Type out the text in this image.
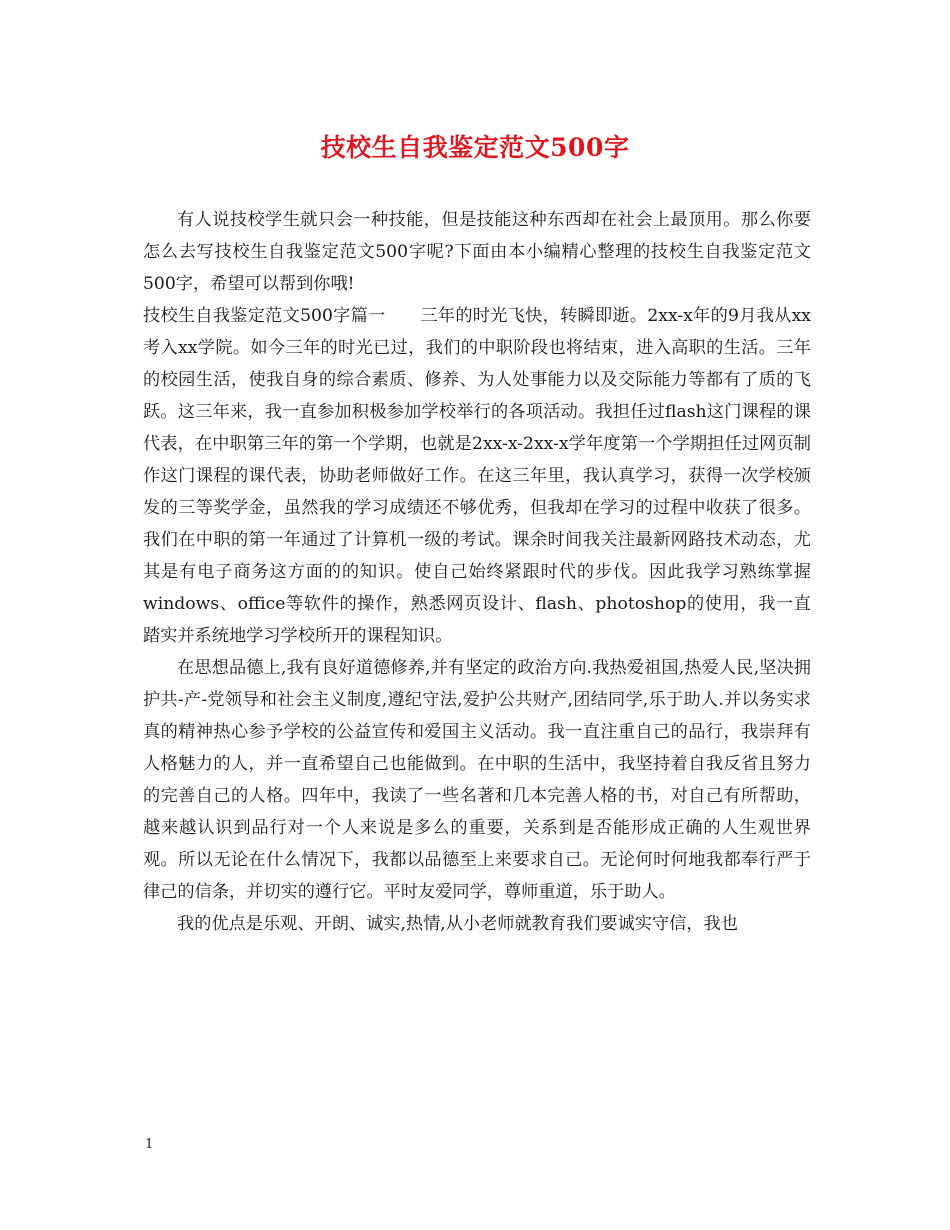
技校生自我鉴定范文500字

有人说技校学生就只会一种技能，但是技能这种东西却在社会上最顶用。那么你要怎么去写技校生自我鉴定范文500字呢?下面由本小编精心整理的技校生自我鉴定范文500字，希望可以帮到你哦!

技校生自我鉴定范文500字篇一　　三年的时光飞快，转瞬即逝。2xx-x年的9月我从xx考入xx学院。如今三年的时光已过，我们的中职阶段也将结束，进入高职的生活。三年的校园生活，使我自身的综合素质、修养、为人处事能力以及交际能力等都有了质的飞跃。这三年来，我一直参加积极参加学校举行的各项活动。我担任过flash这门课程的课代表，在中职第三年的第一个学期，也就是2xx-x-2xx-x学年度第一个学期担任过网页制作这门课程的课代表，协助老师做好工作。在这三年里，我认真学习，获得一次学校颁发的三等奖学金，虽然我的学习成绩还不够优秀，但我却在学习的过程中收获了很多。我们在中职的第一年通过了计算机一级的考试。课余时间我关注最新网路技术动态，尤其是有电子商务这方面的的知识。使自己始终紧跟时代的步伐。因此我学习熟练掌握windows、office等软件的操作，熟悉网页设计、flash、photoshop的使用，我一直踏实并系统地学习学校所开的课程知识。

在思想品德上,我有良好道德修养,并有坚定的政治方向.我热爱祖国,热爱人民,坚决拥护共-产-党领导和社会主义制度,遵纪守法,爱护公共财产,团结同学,乐于助人.并以务实求真的精神热心参予学校的公益宣传和爱国主义活动。我一直注重自己的品行，我崇拜有人格魅力的人，并一直希望自己也能做到。在中职的生活中，我坚持着自我反省且努力的完善自己的人格。四年中，我读了一些名著和几本完善人格的书，对自己有所帮助，越来越认识到品行对一个人来说是多么的重要，关系到是否能形成正确的人生观世界观。所以无论在什么情况下，我都以品德至上来要求自己。无论何时何地我都奉行严于律己的信条，并切实的遵行它。平时友爱同学，尊师重道，乐于助人。

我的优点是乐观、开朗、诚实,热情,从小老师就教育我们要诚实守信，我也

1
